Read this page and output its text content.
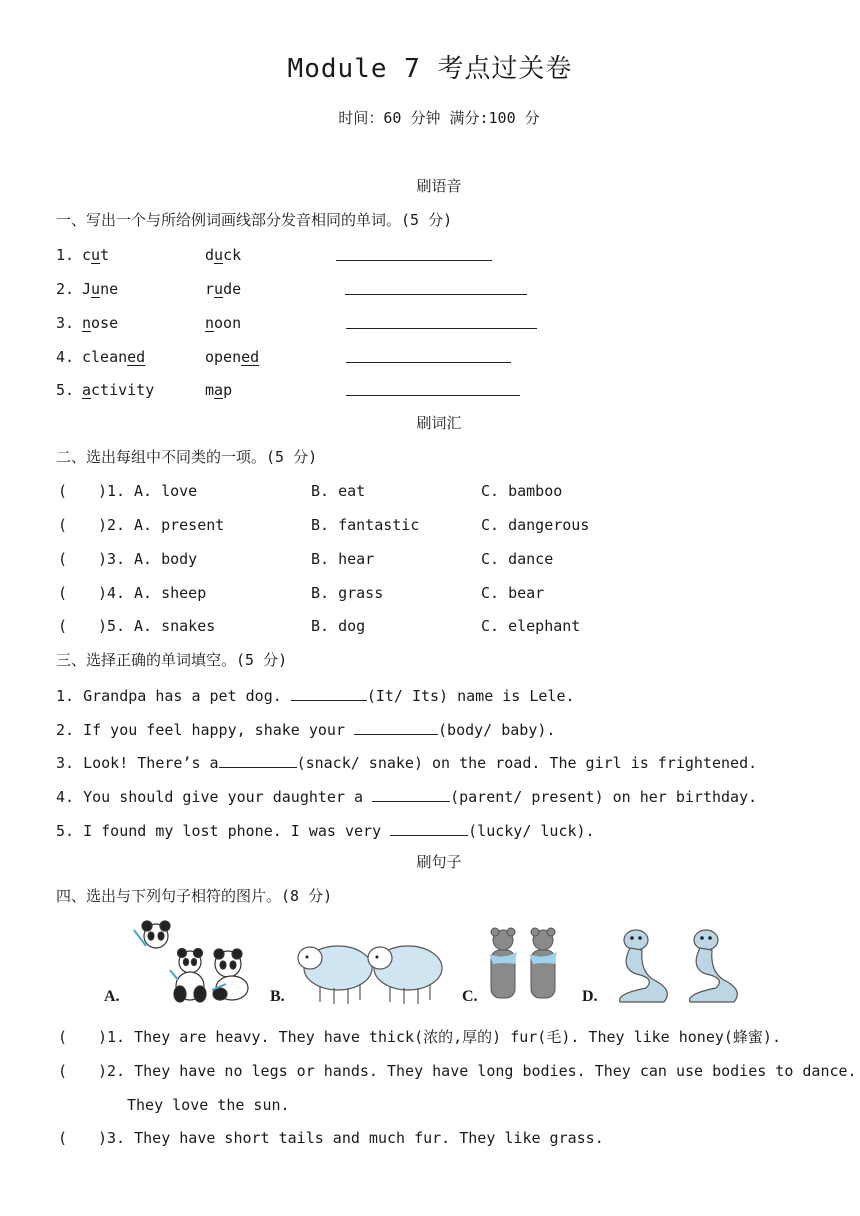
Module 7 考点过关卷
时间：60 分钟 满分:100 分
刷语音
一、写出一个与所给例词画线部分发音相同的单词。(5 分)
1. cut	duck
2. June	rude
3. nose	noon
4. cleaned	opened
5. activity	map
刷词汇
二、选出每组中不同类的一项。(5 分)
( )1. A. love	B. eat	C. bamboo
( )2. A. present	B. fantastic	C. dangerous
( )3. A. body	B. hear	C. dance
( )4. A. sheep	B. grass	C. bear
( )5. A. snakes	B. dog	C. elephant
三、选择正确的单词填空。(5 分)
1. Grandpa has a pet dog.	(It/ Its) name is Lele.
2. If you feel happy, shake your	(body/ baby).
3. Look! There’s a	(snack/ snake) on the road. The girl is frightened.
4. You should give your daughter a	(parent/ present) on her birthday.
5. I found my lost phone. I was very	(lucky/ luck).
刷句子
四、选出与下列句子相符的图片。(8 分)
A.	B.	C.	D.
( )1. They are heavy. They have thick(浓的,厚的) fur(毛). They like honey(蜂蜜).
( )2. They have no legs or hands. They have long bodies. They can use bodies to dance.
They love the sun.
( )3. They have short tails and much fur. They like grass.
